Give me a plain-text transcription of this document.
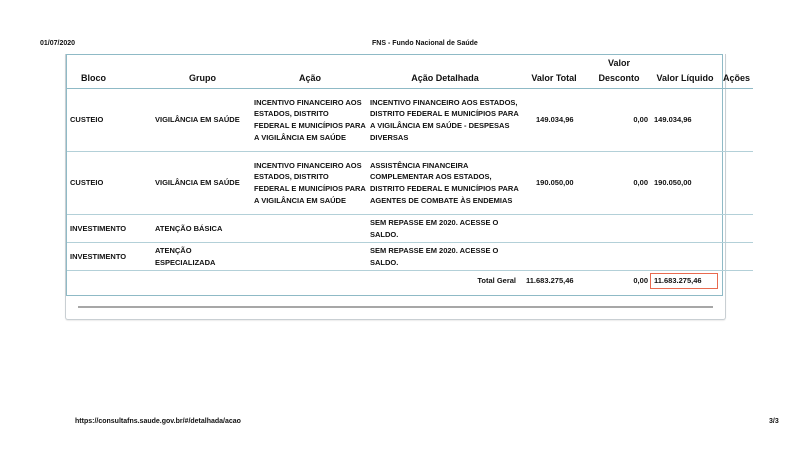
01/07/2020	FNS - Fundo Nacional de Saúde
Bloco	Grupo	Ação	Ação Detalhada	Valor Total	Valor Desconto	Valor Líquido	Ações
CUSTEIO	VIGILÂNCIA EM SAÚDE	INCENTIVO FINANCEIRO AOS ESTADOS, DISTRITO FEDERAL E MUNICÍPIOS PARA A VIGILÂNCIA EM SAÚDE	INCENTIVO FINANCEIRO AOS ESTADOS, DISTRITO FEDERAL E MUNICÍPIOS PARA A VIGILÂNCIA EM SAÚDE - DESPESAS DIVERSAS	149.034,96	0,00	149.034,96	
CUSTEIO	VIGILÂNCIA EM SAÚDE	INCENTIVO FINANCEIRO AOS ESTADOS, DISTRITO FEDERAL E MUNICÍPIOS PARA A VIGILÂNCIA EM SAÚDE	ASSISTÊNCIA FINANCEIRA COMPLEMENTAR AOS ESTADOS, DISTRITO FEDERAL E MUNICÍPIOS PARA AGENTES DE COMBATE ÀS ENDEMIAS	190.050,00	0,00	190.050,00	
INVESTIMENTO	ATENÇÃO BÁSICA		SEM REPASSE EM 2020. ACESSE O SALDO.				
INVESTIMENTO	ATENÇÃO ESPECIALIZADA		SEM REPASSE EM 2020. ACESSE O SALDO.				
Total Geral				11.683.275,46	0,00	11.683.275,46	
https://consultafns.saude.gov.br/#/detalhada/acao	3/3
